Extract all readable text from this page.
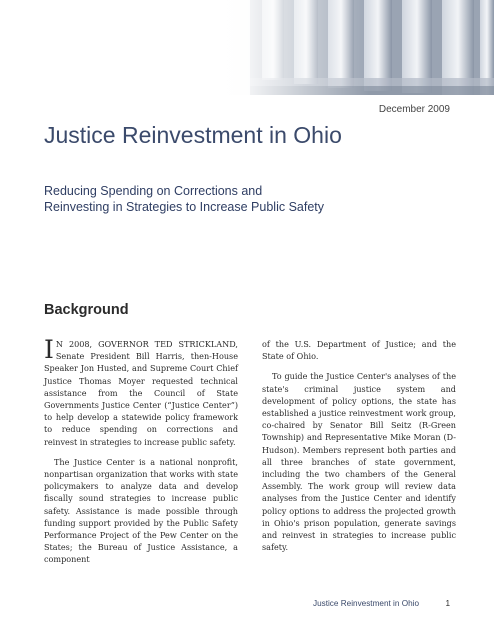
December 2009
Justice Reinvestment in Ohio
Reducing Spending on Corrections and Reinvesting in Strategies to Increase Public Safety
Background

I N 2008, GOVERNOR TED STRICKLAND, Senate President Bill Harris, then-House Speaker Jon Husted, and Supreme Court Chief Justice Thomas Moyer requested technical assistance from the Council of State Governments Justice Center (“Justice Center”) to help develop a statewide policy framework to reduce spending on corrections and reinvest in strategies to increase public safety.

The Justice Center is a national nonprofit, nonpartisan organization that works with state policymakers to analyze data and develop fiscally sound strategies to increase public safety. Assistance is made possible through funding support provided by the Public Safety Performance Project of the Pew Center on the States; the Bureau of Justice Assistance, a component

of the U.S. Department of Justice; and the State of Ohio.

To guide the Justice Center's analyses of the state's criminal justice system and development of policy options, the state has established a justice reinvestment work group, co-chaired by Senator Bill Seitz (R-Green Township) and Representative Mike Moran (D-Hudson). Members represent both parties and all three branches of state government, including the two chambers of the General Assembly. The work group will review data analyses from the Justice Center and identify policy options to address the projected growth in Ohio's prison population, generate savings and reinvest in strategies to increase public safety.

Justice Reinvestment in Ohio	1
